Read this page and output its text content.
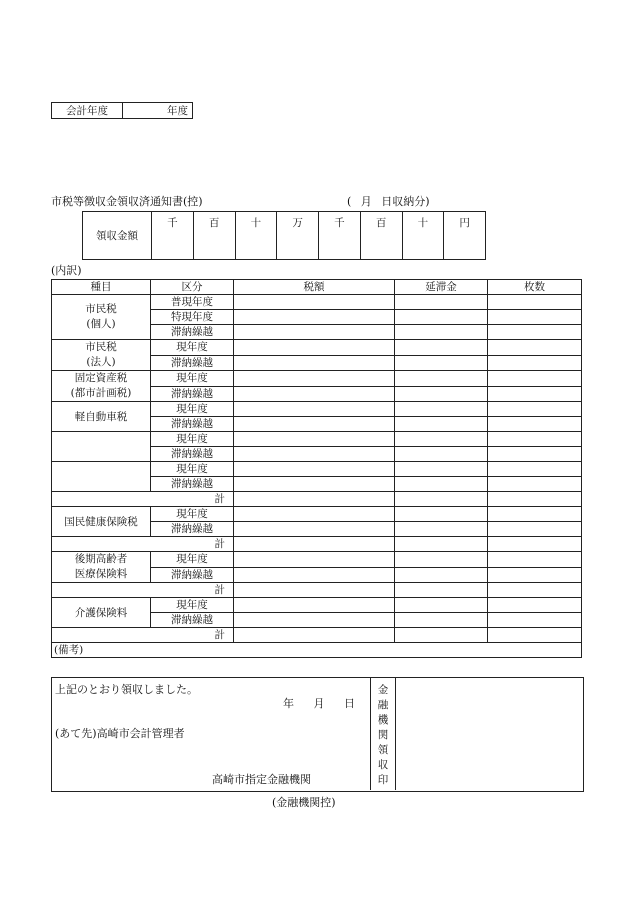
会計年度	年度
市税等徴収金領収済通知書(控)	( 月 日収納分)
領収金額	千	百	十	万	千	百	十	円
(内訳)
種目	区分	税額	延滞金	枚数

市民税
(個人)	普現年度			
	特現年度			
	滞納繰越			

市民税
(法人)	現年度			
	滞納繰越			

固定資産税
(都市計画税)	現年度			
	滞納繰越			
軽自動車税	現年度			
	滞納繰越			
	現年度			
	滞納繰越			
	現年度			
	滞納繰越			
計				
国民健康保険税	現年度			
	滞納繰越			
計				

後期高齢者
医療保険料	現年度			
	滞納繰越			
計				
介護保険料	現年度			
	滞納繰越			
計				
(備考)				
金
融
機
関
領
収
印
上記のとおり領収しました。
年 月 日
(あて先)高崎市会計管理者
高崎市指定金融機関
(金融機関控)
